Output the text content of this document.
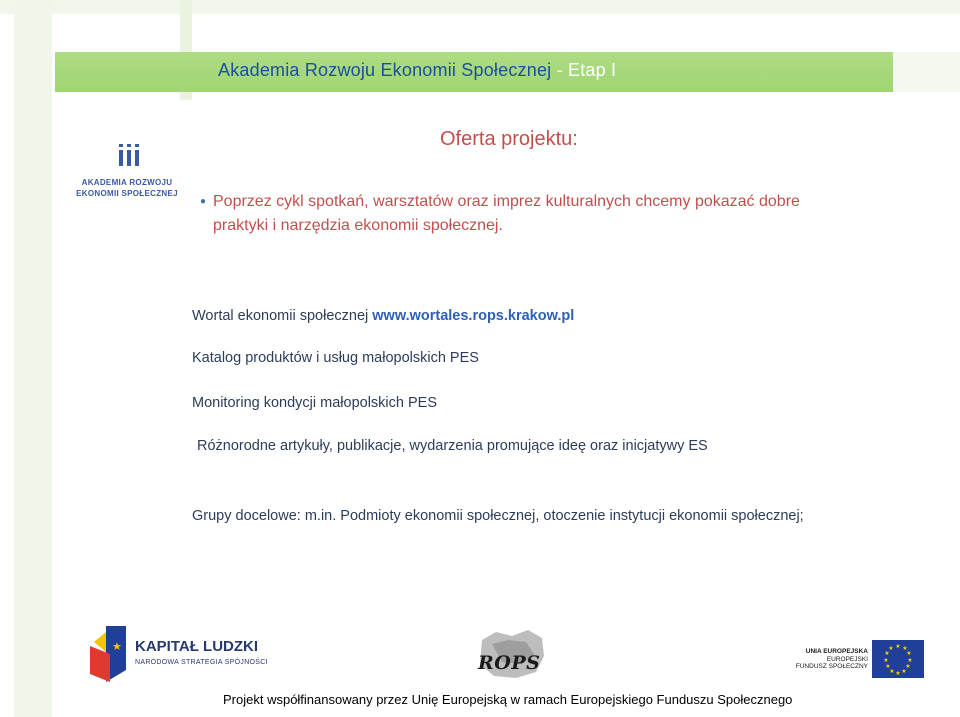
Akademia Rozwoju Ekonomii Społecznej - Etap I
AKADEMIA ROZWOJU
EKONOMII SPOŁECZNEJ
Oferta projektu:
● Poprzez cykl spotkań, warsztatów oraz imprez kulturalnych chcemy pokazać dobre praktyki i narzędzia ekonomii społecznej.
Wortal ekonomii społecznej www.wortales.rops.krakow.pl
Katalog produktów i usług małopolskich PES
Monitoring kondycji małopolskich PES
Różnorodne artykuły, publikacje, wydarzenia promujące ideę oraz inicjatywy ES
Grupy docelowe: m.in. Podmioty ekonomii społecznej, otoczenie instytucji ekonomii społecznej;
★ KAPITAŁ LUDZKI
NARODOWA STRATEGIA SPÓJNOŚCI	ROPS
UNIA EUROPEJSKA
EUROPEJSKI
FUNDUSZ SPOŁECZNY
★ ★
★
★
★
★
★
★
★
★
★
★
Projekt współfinansowany przez Unię Europejską w ramach Europejskiego Funduszu Społecznego
